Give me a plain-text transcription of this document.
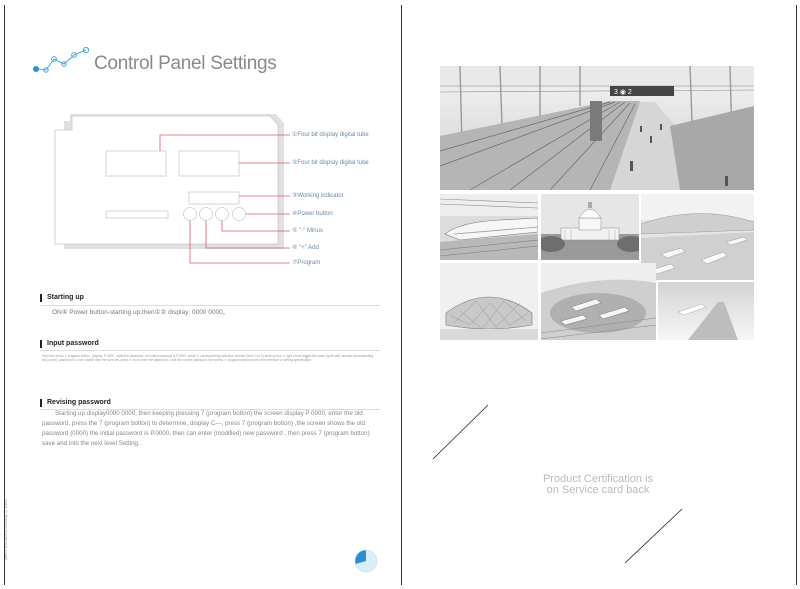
Control Panel Settings
①Four bit display digital tube
②Four bit display digital tube
③Working indicator
④Power button
⑤ "-" Minus
⑥ "+" Add
⑦Program
Starting up
ON④ Power button-starting up,then①② display: 0000 0000。
Input password
Hold and press ⑦ program button , display :P 0000 , write the password, the initial password is P.0000, press ⑤ corresponding selection number (from 0 to 9) under press ⑦ right arrow toggle bits value cycle shift, choose corresponding bit (cursor), password ⑥ num, switch after the sure set, press ⑦ to re-enter the password , until the correct password, then press ⑦ program button access the interface of setting specification.
Revising password
Starting up display0000 0000, then keeping pressing 7 (program botton) the screen display P 0000, enter the old password, press the 7 (program botton) to determine, display C---, press 7 (program botton) ,the screen shows the old password (0000) the initial password is P.0000, then can enter (modified) new password , then press 7 (program botton) save and into the next level Setting.
◎BOUT ◎ Productivity technology co.,limited.
3 ◉ 2
Product Certification is
on Service card back
